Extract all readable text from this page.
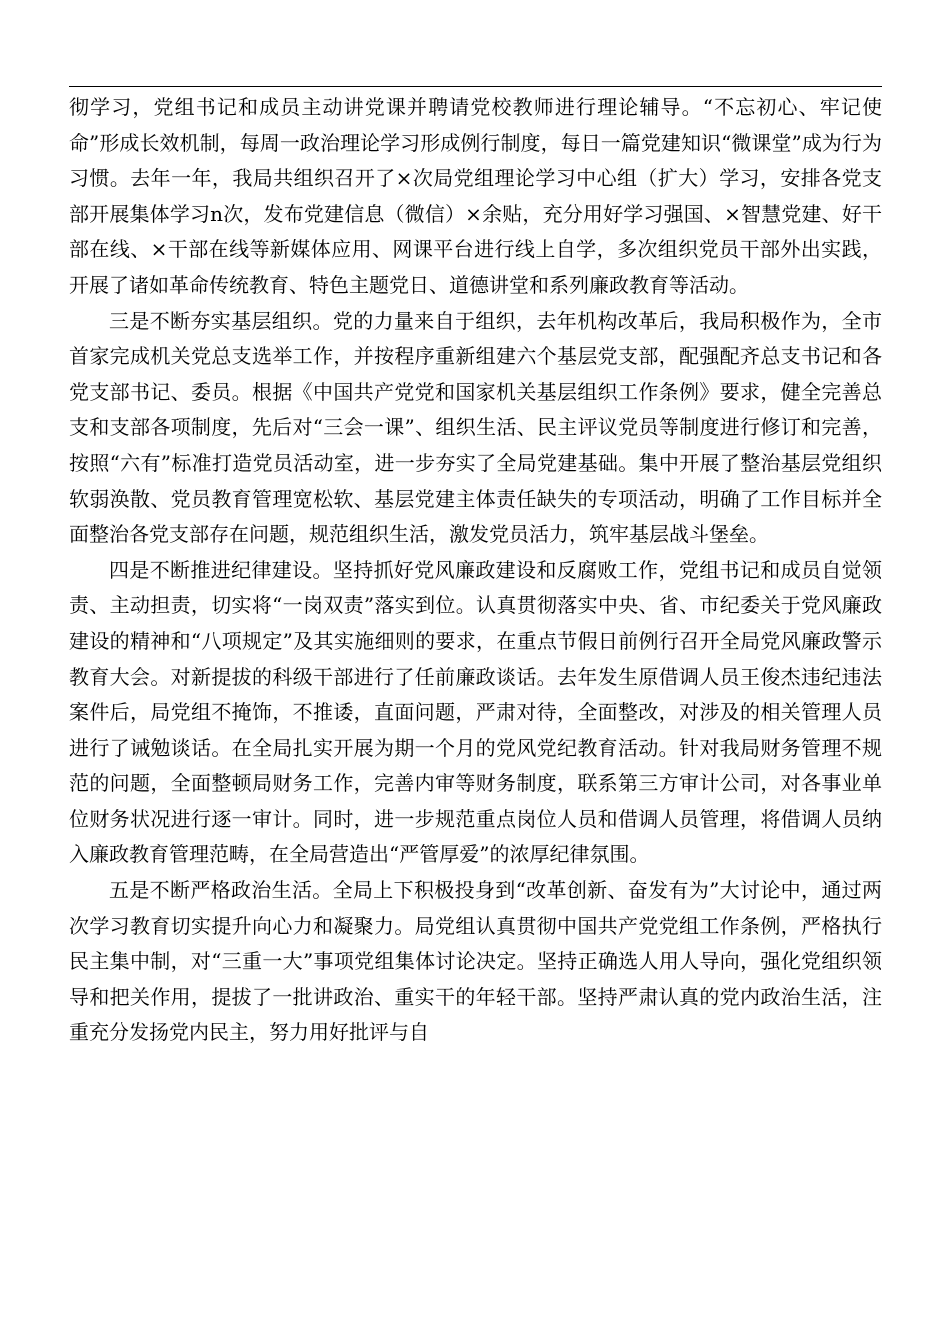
彻学习，党组书记和成员主动讲党课并聘请党校教师进行理论辅导。“不忘初心、牢记使命”形成长效机制，每周一政治理论学习形成例行制度，每日一篇党建知识“微课堂”成为行为习惯。去年一年，我局共组织召开了×次局党组理论学习中心组（扩大）学习，安排各党支部开展集体学习n次，发布党建信息（微信）×余贴，充分用好学习强国、×智慧党建、好干部在线、×干部在线等新媒体应用、网课平台进行线上自学，多次组织党员干部外出实践，开展了诸如革命传统教育、特色主题党日、道德讲堂和系列廉政教育等活动。

三是不断夯实基层组织。党的力量来自于组织，去年机构改革后，我局积极作为，全市首家完成机关党总支选举工作，并按程序重新组建六个基层党支部，配强配齐总支书记和各党支部书记、委员。根据《中国共产党党和国家机关基层组织工作条例》要求，健全完善总支和支部各项制度，先后对“三会一课”、组织生活、民主评议党员等制度进行修订和完善，按照“六有”标准打造党员活动室，进一步夯实了全局党建基础。集中开展了整治基层党组织软弱涣散、党员教育管理宽松软、基层党建主体责任缺失的专项活动，明确了工作目标并全面整治各党支部存在问题，规范组织生活，激发党员活力，筑牢基层战斗堡垒。

四是不断推进纪律建设。坚持抓好党风廉政建设和反腐败工作，党组书记和成员自觉领责、主动担责，切实将“一岗双责”落实到位。认真贯彻落实中央、省、市纪委关于党风廉政建设的精神和“八项规定”及其实施细则的要求，在重点节假日前例行召开全局党风廉政警示教育大会。对新提拔的科级干部进行了任前廉政谈话。去年发生原借调人员王俊杰违纪违法案件后，局党组不掩饰，不推诿，直面问题，严肃对待，全面整改，对涉及的相关管理人员进行了诫勉谈话。在全局扎实开展为期一个月的党风党纪教育活动。针对我局财务管理不规范的问题，全面整顿局财务工作，完善内审等财务制度，联系第三方审计公司，对各事业单位财务状况进行逐一审计。同时，进一步规范重点岗位人员和借调人员管理，将借调人员纳入廉政教育管理范畴，在全局营造出“严管厚爱”的浓厚纪律氛围。

五是不断严格政治生活。全局上下积极投身到“改革创新、奋发有为”大讨论中，通过两次学习教育切实提升向心力和凝聚力。局党组认真贯彻中国共产党党组工作条例，严格执行民主集中制，对“三重一大”事项党组集体讨论决定。坚持正确选人用人导向，强化党组织领导和把关作用，提拔了一批讲政治、重实干的年轻干部。坚持严肃认真的党内政治生活，注重充分发扬党内民主，努力用好批评与自
